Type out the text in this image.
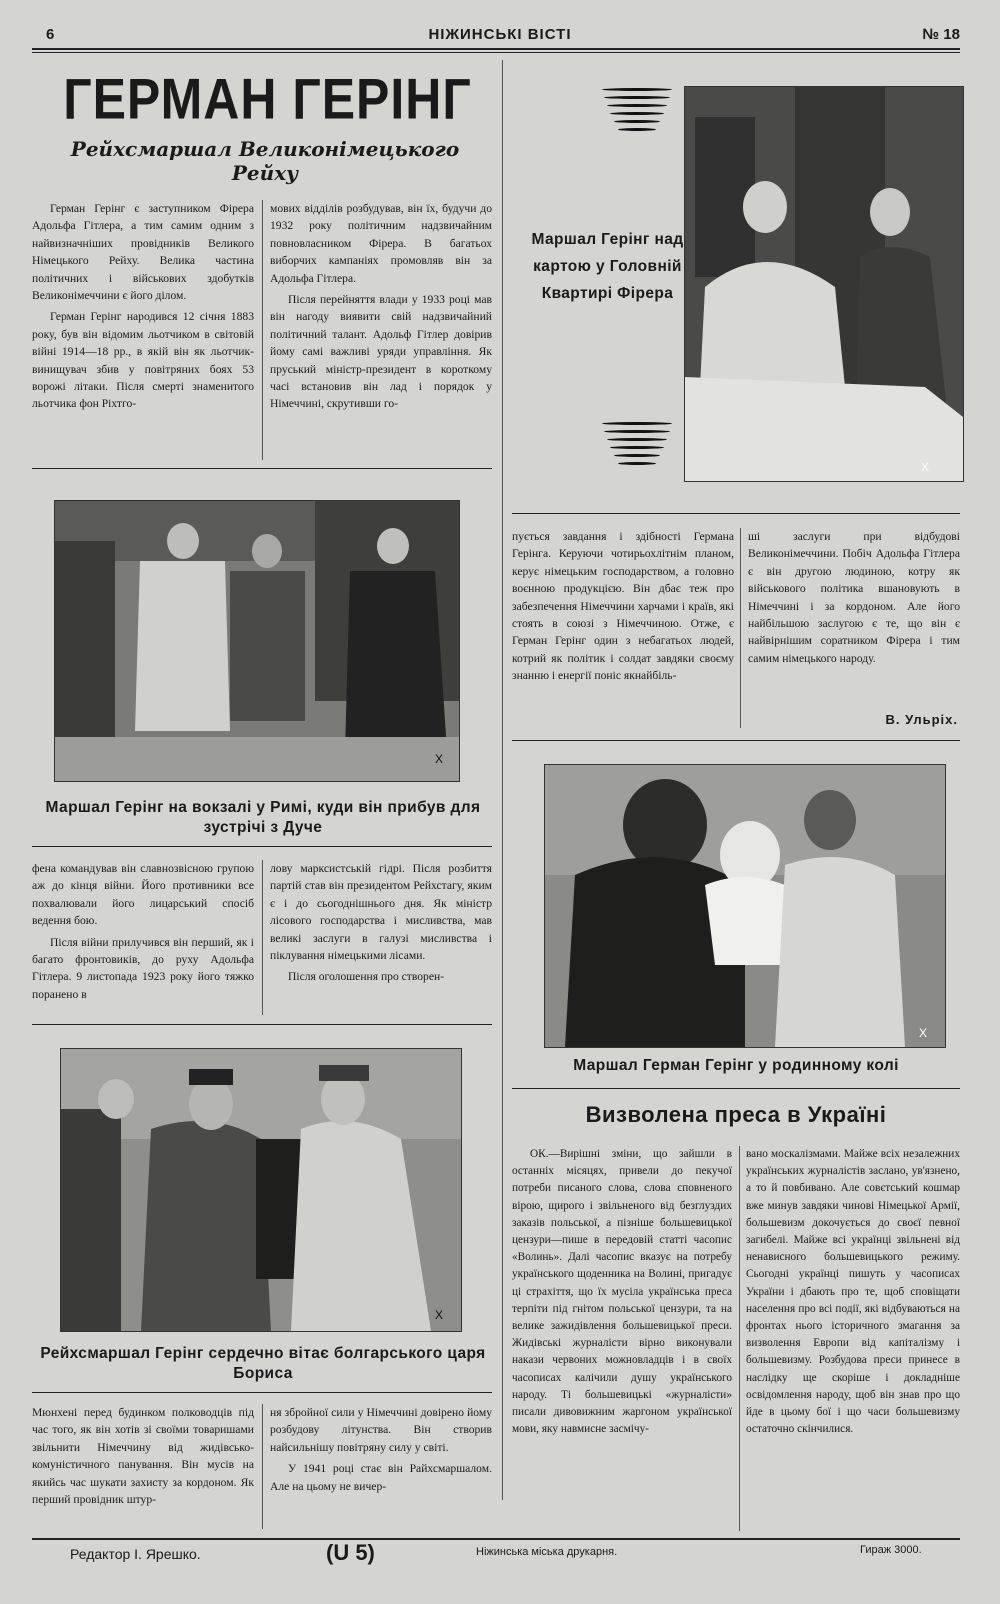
6	НІЖИНСЬКІ ВІСТІ	№ 18
ГЕРМАН ГЕРІНГ
Рейхсмаршал Великонімецького Рейху

Герман Герінг є заступником Фірера Адольфа Гітлера, а тим самим одним з найвизначніших провідників Великого Німецького Рейху. Велика частина політичних і військових здобутків Великонімеччини є його ділом.

Герман Герінг народився 12 січня 1883 року, був він відомим льотчиком в світовій війні 1914—18 рр., в якій він як льотчик-винищувач збив у повітряних боях 53 ворожі літаки. Після смерті знаменитого льотчика фон Ріхтго-

мових відділів розбудував, він їх, будучи до 1932 року політичним надзвичайним повновласником Фірера. В багатьох виборчих кампаніях промовляв він за Адольфа Гітлера.

Після перейняття влади у 1933 році мав він нагоду виявити свій надзвичайний політичний талант. Адольф Гітлер довірив йому самі важливі уряди управління. Як пруський міністр-президент в короткому часі встановив він лад і порядок у Німеччині, скрутивши го-

Маршал Герінг над картою у Головній Квартирі Фірера
Х
Х
Маршал Герінг на вокзалі у Римі, куди він прибув для зустрічі з Дуче

пується завдання і здібності Германа Герінга. Керуючи чотирьохлітнім планом, керує німецьким господарством, а головно воєнною продукцією. Він дбає теж про забезпечення Німеччини харчами і країв, які стоять в союзі з Німеччиною. Отже, є Герман Герінг один з небагатьох людей, котрий як політик і солдат завдяки своєму знанню і енергії поніс якнайбіль-

ші заслуги при відбудові Великонімеччини. Побіч Адольфа Гітлера є він другою людиною, котру як військового політика вшановують в Німеччині і за кордоном. Але його найбільшою заслугою є те, що він є найвірнішим соратником Фірера і тим самим німецького народу.

В. Ульріх.

фена командував він славнозвісною групою аж до кінця війни. Його противники все похвалювали його лицарський спосіб ведення бою.

Після війни прилучився він перший, як і багато фронтовиків, до руху Адольфа Гітлера. 9 листопада 1923 року його тяжко поранено в

лову марксистській гідрі. Після розбиття партій став він президентом Рейхстагу, яким є і до сьогоднішнього дня. Як міністр лісового господарства і мисливства, мав великі заслуги в галузі мисливства і піклування німецькими лісами.

Після оголошення про створен-

Х
Маршал Герман Герінг у родинному колі
Х
Рейхсмаршал Герінг сердечно вітає болгарського царя Бориса

Мюнхені перед будинком полководців під час того, як він хотів зі своїми товаришами звільнити Німеччину від жидівсько-комуністичного панування. Він мусів на якийсь час шукати захисту за кордоном. Як перший провідник штур-

ня збройної сили у Німеччині довірено йому розбудову літунства. Він створив найсильнішу повітряну силу у світі.

У 1941 році стає він Райхсмаршалом. Але на цьому не вичер-

Визволена преса в Україні

ОК.—Вирішні зміни, що зайшли в останніх місяцях, привели до пекучої потреби писаного слова, слова сповненого вірою, щирого і звільненого від безглуздих заказів польської, а пізніше большевицької цензури—пише в передовій статті часопис «Волинь». Далі часопис вказує на потребу українського щоденника на Волині, пригадує ці страхіття, що їх мусіла українська преса терпіти під гнітом польської цензури, та на велике зажидівлення большевицької преси. Жидівські журналісти вірно виконували накази червоних можновладців і в своїх часописах калічили душу українського народу. Ті большевицькі «журналісти» писали дивовижним жаргоном української мови, яку навмисне засмічу-

вано москалізмами. Майже всіх незалежних українських журналістів заслано, ув'язнено, а то й повбивано. Але совєтський кошмар вже минув завдяки чинові Німецької Армії, большевизм докочується до своєї певної загибелі. Майже всі українці звільнені від ненависного большевицького режиму. Сьогодні українці пишуть у часописах України і дбають про те, щоб сповіщати населення про всі події, які відбуваються на фронтах нього історичного змагання за визволення Европи від капіталізму і большевизму. Розбудова преси принесе в наслідку ще скоріше і докладніше освідомлення народу, щоб він знав про що йде в цьому бої і що часи большевизму остаточно скінчилися.

Редактор І. Ярешко.	(U 5)	Ніжинська міська друкарня.	Гираж 3000.
